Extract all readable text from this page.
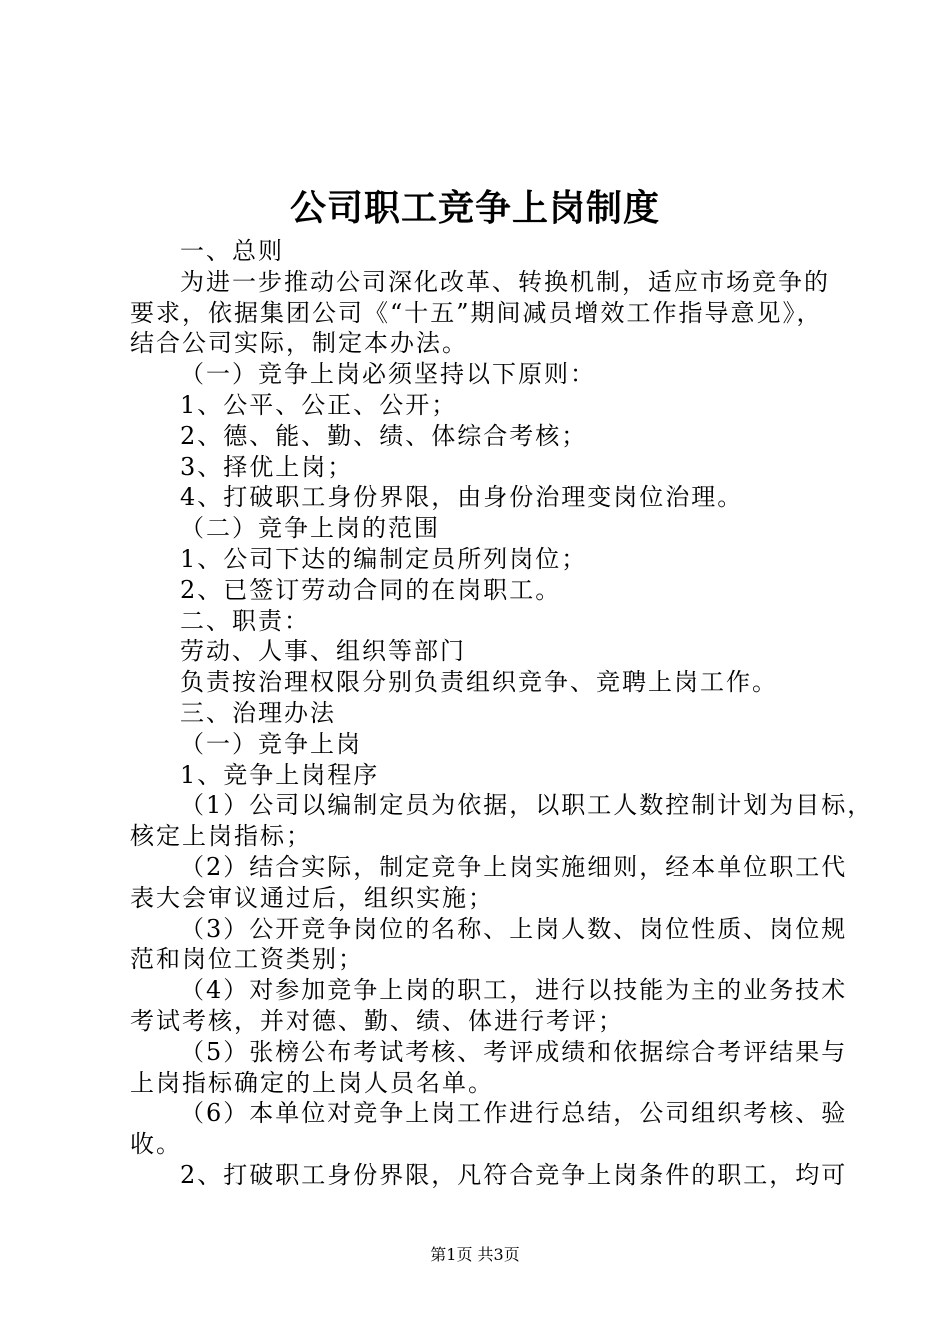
公司职工竞争上岗制度
一、总则
为进一步推动公司深化改革、转换机制，适应市场竞争的
要求，依据集团公司《“十五”期间减员增效工作指导意见》，
结合公司实际，制定本办法。
（一）竞争上岗必须坚持以下原则：
1、公平、公正、公开；
2、德、能、勤、绩、体综合考核；
3、择优上岗；
4、打破职工身份界限，由身份治理变岗位治理。
（二）竞争上岗的范围
1、公司下达的编制定员所列岗位；
2、已签订劳动合同的在岗职工。
二、职责：
劳动、人事、组织等部门
负责按治理权限分别负责组织竞争、竞聘上岗工作。
三、治理办法
（一）竞争上岗
1、竞争上岗程序
（1）公司以编制定员为依据，以职工人数控制计划为目标，
核定上岗指标；
（2）结合实际，制定竞争上岗实施细则，经本单位职工代
表大会审议通过后，组织实施；
（3）公开竞争岗位的名称、上岗人数、岗位性质、岗位规
范和岗位工资类别；
（4）对参加竞争上岗的职工，进行以技能为主的业务技术
考试考核，并对德、勤、绩、体进行考评；
（5）张榜公布考试考核、考评成绩和依据综合考评结果与
上岗指标确定的上岗人员名单。
（6）本单位对竞争上岗工作进行总结，公司组织考核、验
收。
2、打破职工身份界限，凡符合竞争上岗条件的职工，均可
第1页 共3页
